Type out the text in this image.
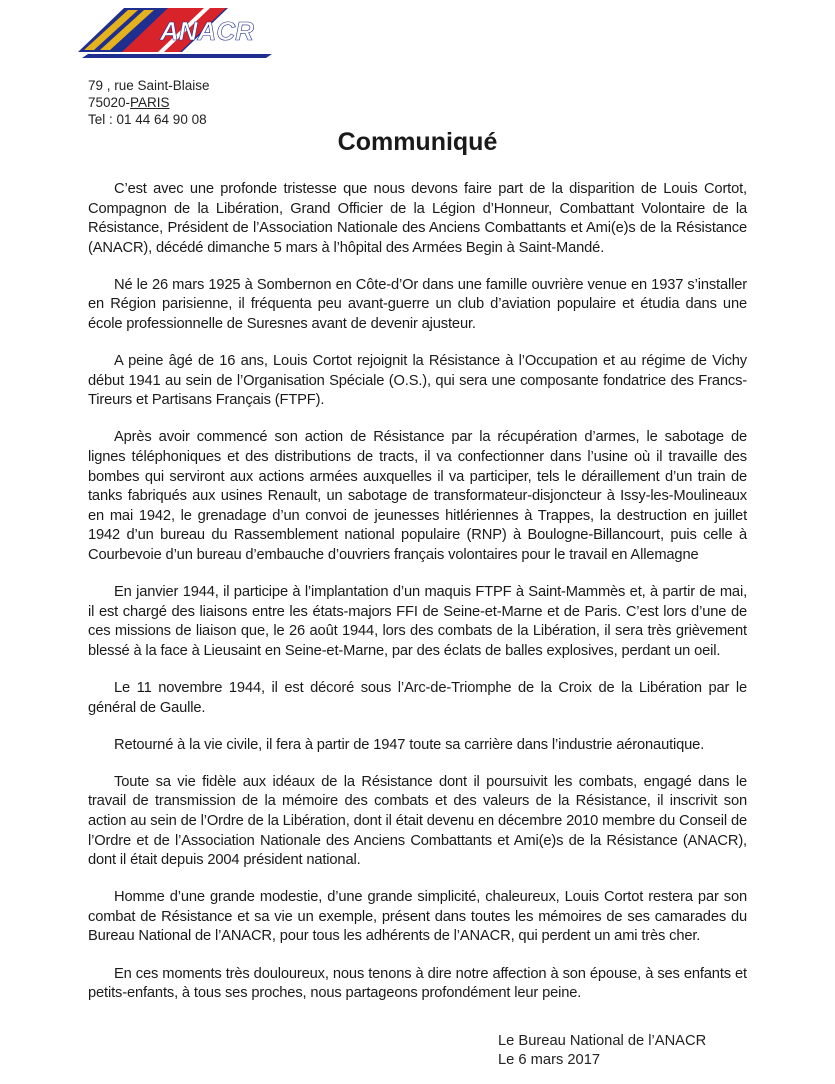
ANACR
79 , rue Saint-Blaise
75020-PARIS
Tel : 01 44 64 90 08
Communiqué

C’est avec une profonde tristesse que nous devons faire part de la disparition de Louis Cortot, Compagnon de la Libération, Grand Officier de la Légion d’Honneur, Combattant Volontaire de la Résistance, Président de l’Association Nationale des Anciens Combattants et Ami(e)s de la Résistance (ANACR), décédé dimanche 5 mars à l’hôpital des Armées Begin à Saint-Mandé.

Né le 26 mars 1925 à Sombernon en Côte-d’Or dans une famille ouvrière venue en 1937 s’installer en Région parisienne, il fréquenta peu avant-guerre un club d’aviation populaire et étudia dans une école professionnelle de Suresnes avant de devenir ajusteur.

A peine âgé de 16 ans, Louis Cortot rejoignit la Résistance à l’Occupation et au régime de Vichy début 1941 au sein de l’Organisation Spéciale (O.S.), qui sera une composante fondatrice des Francs-Tireurs et Partisans Français (FTPF).

Après avoir commencé son action de Résistance par la récupération d’armes, le sabotage de lignes téléphoniques et des distributions de tracts, il va confectionner dans l’usine où il travaille des bombes qui serviront aux actions armées auxquelles il va participer, tels le déraillement d’un train de tanks fabriqués aux usines Renault, un sabotage de transformateur-disjoncteur à Issy-les-Moulineaux en mai 1942, le grenadage d’un convoi de jeunesses hitlériennes à Trappes, la destruction en juillet 1942 d’un bureau du Rassemblement national populaire (RNP) à Boulogne-Billancourt, puis celle à Courbevoie d’un bureau d’embauche d’ouvriers français volontaires pour le travail en Allemagne

En janvier 1944, il participe à l’implantation d’un maquis FTPF à Saint-Mammès et, à partir de mai, il est chargé des liaisons entre les états-majors FFI de Seine-et-Marne et de Paris. C’est lors d’une de ces missions de liaison que, le 26 août 1944, lors des combats de la Libération, il sera très grièvement blessé à la face à Lieusaint en Seine-et-Marne, par des éclats de balles explosives, perdant un oeil.

Le 11 novembre 1944, il est décoré sous l’Arc-de-Triomphe de la Croix de la Libération par le général de Gaulle.

Retourné à la vie civile, il fera à partir de 1947 toute sa carrière dans l’industrie aéronautique.

Toute sa vie fidèle aux idéaux de la Résistance dont il poursuivit les combats, engagé dans le travail de transmission de la mémoire des combats et des valeurs de la Résistance, il inscrivit son action au sein de l’Ordre de la Libération, dont il était devenu en décembre 2010 membre du Conseil de l’Ordre et de l’Association Nationale des Anciens Combattants et Ami(e)s de la Résistance (ANACR), dont il était depuis 2004 président national.

Homme d’une grande modestie, d’une grande simplicité, chaleureux, Louis Cortot restera par son combat de Résistance et sa vie un exemple, présent dans toutes les mémoires de ses camarades du Bureau National de l’ANACR, pour tous les adhérents de l’ANACR, qui perdent un ami très cher.

En ces moments très douloureux, nous tenons à dire notre affection à son épouse, à ses enfants et petits-enfants, à tous ses proches, nous partageons profondément leur peine.

Le Bureau National de l’ANACR
Le 6 mars 2017
